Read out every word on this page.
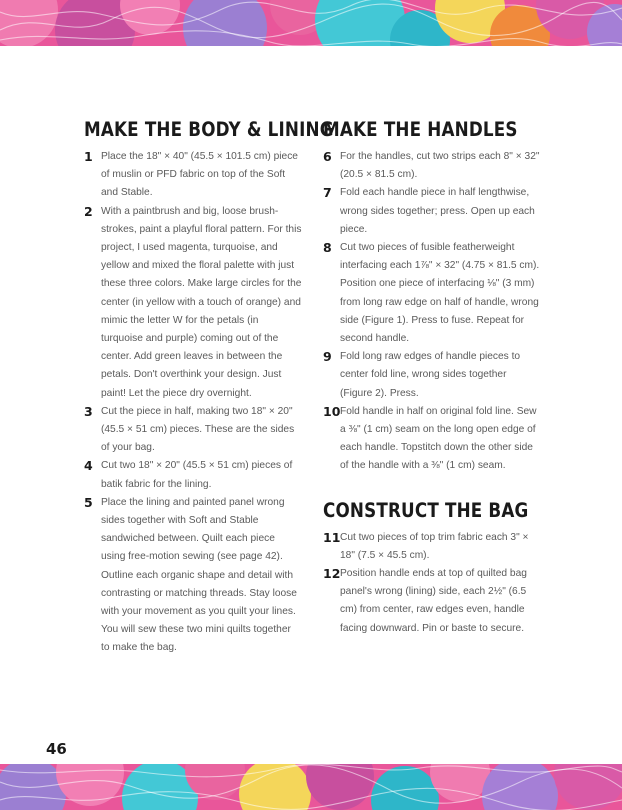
MAKE THE BODY & LINING
1 Place the 18" × 40" (45.5 × 101.5 cm) piece of muslin or PFD fabric on top of the Soft and Stable.
2 With a paintbrush and big, loose brush-strokes, paint a playful floral pattern. For this project, I used magenta, turquoise, and yellow and mixed the floral palette with just these three colors. Make large circles for the center (in yellow with a touch of orange) and mimic the letter W for the petals (in turquoise and purple) coming out of the center. Add green leaves in between the petals. Don't overthink your design. Just paint! Let the piece dry overnight.
3 Cut the piece in half, making two 18" × 20" (45.5 × 51 cm) pieces. These are the sides of your bag.
4 Cut two 18" × 20" (45.5 × 51 cm) pieces of batik fabric for the lining.
5 Place the lining and painted panel wrong sides together with Soft and Stable sandwiched between. Quilt each piece using free-motion sewing (see page 42). Outline each organic shape and detail with contrasting or matching threads. Stay loose with your movement as you quilt your lines. You will sew these two mini quilts together to make the bag.
MAKE THE HANDLES
6 For the handles, cut two strips each 8" × 32" (20.5 × 81.5 cm).
7 Fold each handle piece in half lengthwise, wrong sides together; press. Open up each piece.
8 Cut two pieces of fusible featherweight interfacing each 1⅞" × 32" (4.75 × 81.5 cm). Position one piece of interfacing ⅛" (3 mm) from long raw edge on half of handle, wrong side (Figure 1). Press to fuse. Repeat for second handle.
9 Fold long raw edges of handle pieces to center fold line, wrong sides together (Figure 2). Press.
10 Fold handle in half on original fold line. Sew a ⅜" (1 cm) seam on the long open edge of each handle. Topstitch down the other side of the handle with a ⅜" (1 cm) seam.
CONSTRUCT THE BAG
11 Cut two pieces of top trim fabric each 3" × 18" (7.5 × 45.5 cm).
12 Position handle ends at top of quilted bag panel's wrong (lining) side, each 2½" (6.5 cm) from center, raw edges even, handle facing downward. Pin or baste to secure.
46
